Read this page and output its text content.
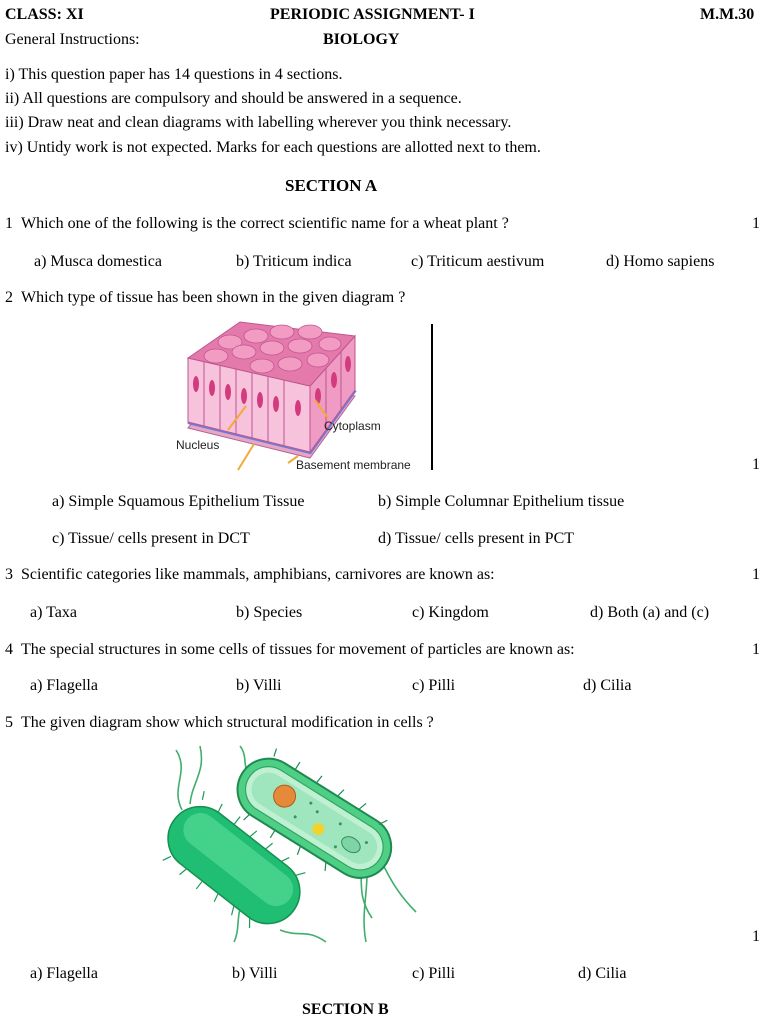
CLASS: XI	PERIODIC ASSIGNMENT- I	M.M.30
General Instructions:	BIOLOGY
i) This question paper has 14 questions in 4 sections.
ii) All questions are compulsory and should be answered in a sequence.
iii) Draw neat and clean diagrams with labelling wherever you think necessary.
iv) Untidy work is not expected. Marks for each questions are allotted next to them.
SECTION A
1 Which one of the following is the correct scientific name for a wheat plant ?	1
a) Musca domestica	b) Triticum indica	c) Triticum aestivum	d) Homo sapiens
2 Which type of tissue has been shown in the given diagram ?
Nucleus
Cytoplasm
Basement membrane	1
a) Simple Squamous Epithelium Tissue	b) Simple Columnar Epithelium tissue
c) Tissue/ cells present in DCT	d) Tissue/ cells present in PCT
3 Scientific categories like mammals, amphibians, carnivores are known as:	1
a) Taxa	b) Species	c) Kingdom	d) Both (a) and (c)
4 The special structures in some cells of tissues for movement of particles are known as:	1
a) Flagella	b) Villi	c) Pilli	d) Cilia
5 The given diagram show which structural modification in cells ?
1
a) Flagella	b) Villi	c) Pilli	d) Cilia
SECTION B
